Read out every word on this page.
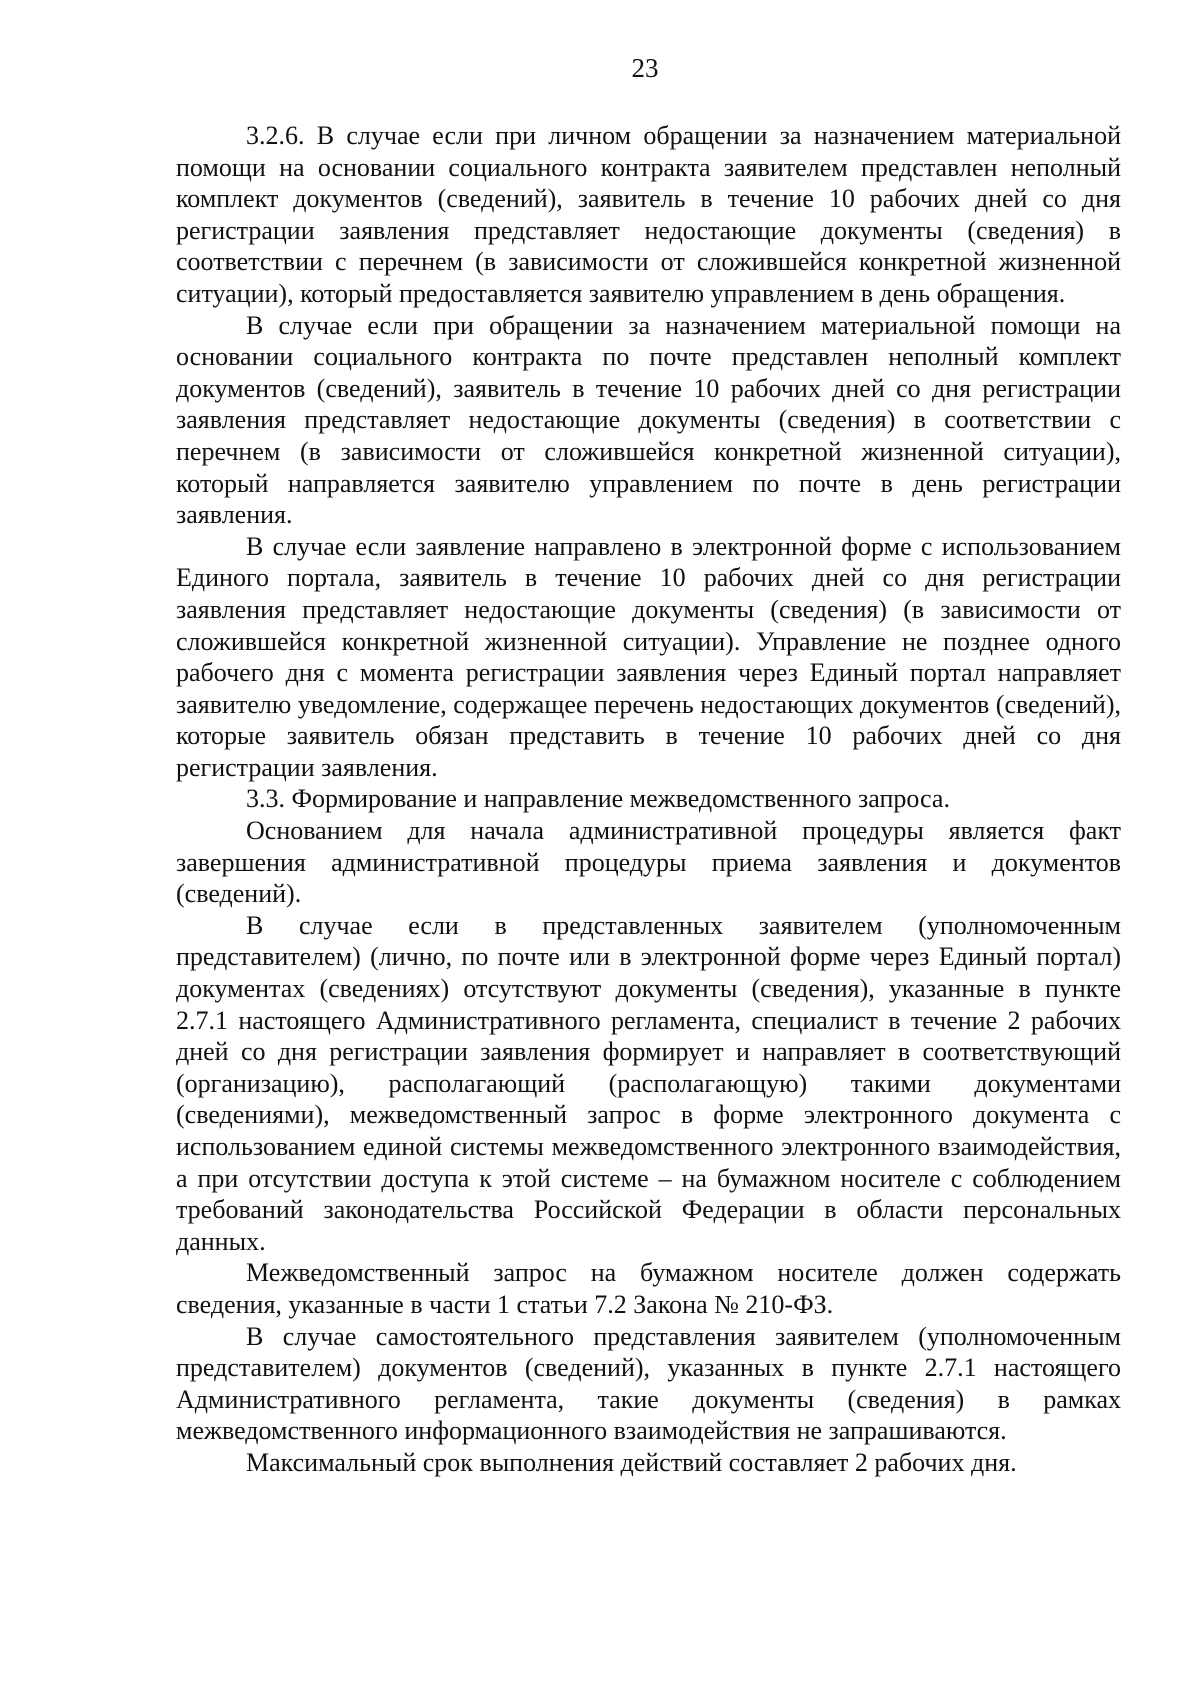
23

3.2.6. В случае если при личном обращении за назначением материальной помощи на основании социального контракта заявителем представлен неполный комплект документов (сведений), заявитель в течение 10 рабочих дней со дня регистрации заявления представляет недостающие документы (сведения) в соответствии с перечнем (в зависимости от сложившейся конкретной жизненной ситуации), который предоставляется заявителю управлением в день обращения.

В случае если при обращении за назначением материальной помощи на основании социального контракта по почте представлен неполный комплект документов (сведений), заявитель в течение 10 рабочих дней со дня регистрации заявления представляет недостающие документы (сведения) в соответствии с перечнем (в зависимости от сложившейся конкретной жизненной ситуации), который направляется заявителю управлением по почте в день регистрации заявления.

В случае если заявление направлено в электронной форме с использованием Единого портала, заявитель в течение 10 рабочих дней со дня регистрации заявления представляет недостающие документы (сведения) (в зависимости от сложившейся конкретной жизненной ситуации). Управление не позднее одного рабочего дня с момента регистрации заявления через Единый портал направляет заявителю уведомление, содержащее перечень недостающих документов (сведений), которые заявитель обязан представить в течение 10 рабочих дней со дня регистрации заявления.

3.3. Формирование и направление межведомственного запроса.

Основанием для начала административной процедуры является факт завершения административной процедуры приема заявления и документов (сведений).

В случае если в представленных заявителем (уполномоченным представителем) (лично, по почте или в электронной форме через Единый портал) документах (сведениях) отсутствуют документы (сведения), указанные в пункте 2.7.1 настоящего Административного регламента, специалист в течение 2 рабочих дней со дня регистрации заявления формирует и направляет в соответствующий (организацию), располагающий (располагающую) такими документами (сведениями), межведомственный запрос в форме электронного документа с использованием единой системы межведомственного электронного взаимодействия, а при отсутствии доступа к этой системе – на бумажном носителе с соблюдением требований законодательства Российской Федерации в области персональных данных.

Межведомственный запрос на бумажном носителе должен содержать сведения, указанные в части 1 статьи 7.2 Закона № 210-ФЗ.

В случае самостоятельного представления заявителем (уполномоченным представителем) документов (сведений), указанных в пункте 2.7.1 настоящего Административного регламента, такие документы (сведения) в рамках межведомственного информационного взаимодействия не запрашиваются.

Максимальный срок выполнения действий составляет 2 рабочих дня.
